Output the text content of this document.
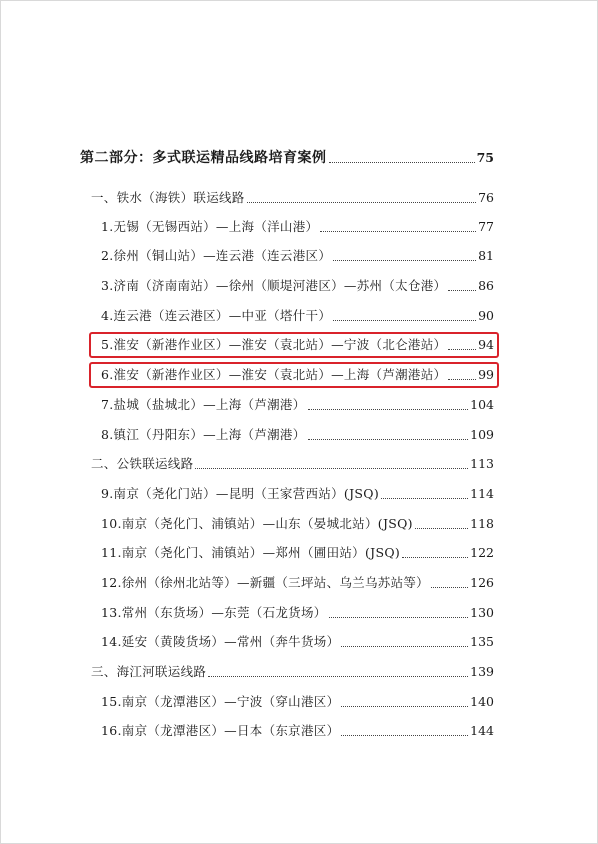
第二部分：多式联运精品线路培育案例	75
一、铁水（海铁）联运线路	76
1.无锡（无锡西站）—上海（洋山港）	77
2.徐州（铜山站）—连云港（连云港区）	81
3.济南（济南南站）—徐州（顺堤河港区）—苏州（太仓港）	86
4.连云港（连云港区）—中亚（塔什干）	90
5.淮安（新港作业区）—淮安（袁北站）—宁波（北仑港站）	94
6.淮安（新港作业区）—淮安（袁北站）—上海（芦潮港站）	99
7.盐城（盐城北）—上海（芦潮港）	104
8.镇江（丹阳东）—上海（芦潮港）	109
二、公铁联运线路	113
9.南京（尧化门站）—昆明（王家营西站）(JSQ)	114
10.南京（尧化门、浦镇站）—山东（晏城北站）(JSQ)	118
11.南京（尧化门、浦镇站）—郑州（圃田站）(JSQ)	122
12.徐州（徐州北站等）—新疆（三坪站、乌兰乌苏站等）	126
13.常州（东货场）—东莞（石龙货场）	130
14.延安（黄陵货场）—常州（奔牛货场）	135
三、海江河联运线路	139
15.南京（龙潭港区）—宁波（穿山港区）	140
16.南京（龙潭港区）—日本（东京港区）	144
